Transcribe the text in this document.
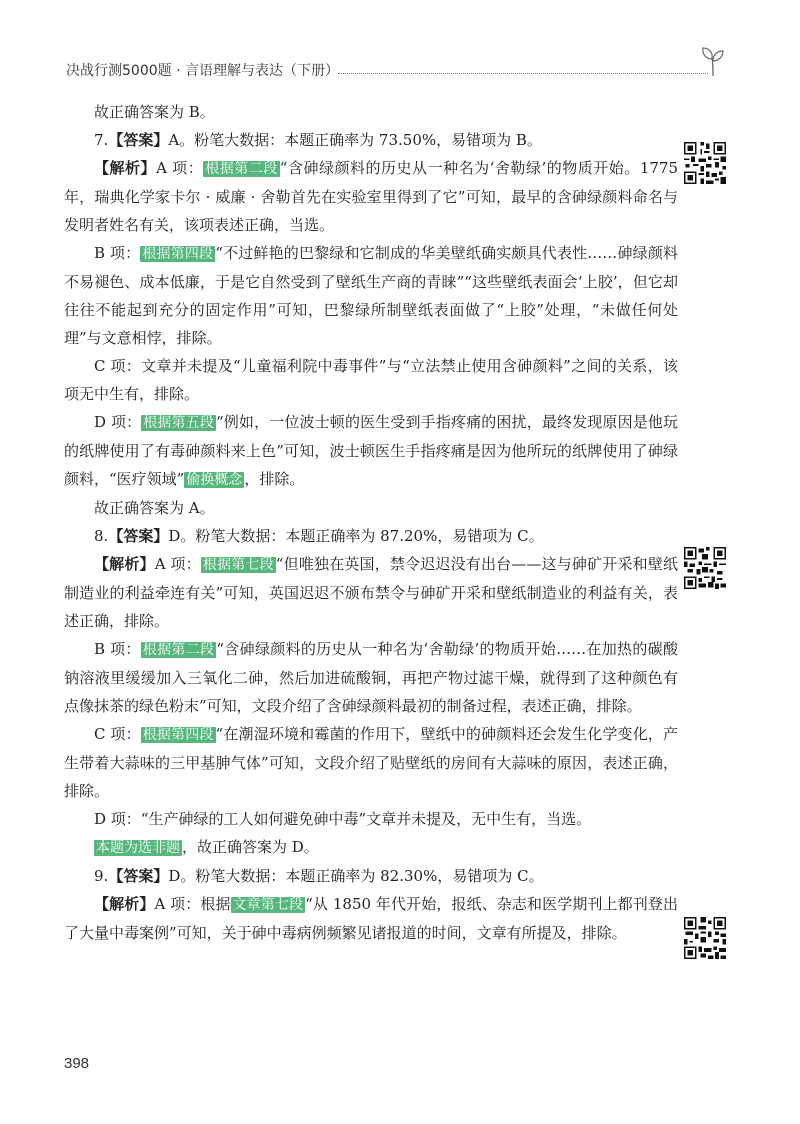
决战行测5000题 · 言语理解与表达（下册）

故正确答案为 B。

7.【答案】A。粉笔大数据：本题正确率为 73.50%，易错项为 B。

【解析】A 项： 根据第二段 “含砷绿颜料的历史从一种名为‘舍勒绿’的物质开始。1775 年，瑞典化学家卡尔 · 威廉 · 舍勒首先在实验室里得到了它”可知，最早的含砷绿颜料命名与发明者姓名有关，该项表述正确，当选。

B 项： 根据第四段 “不过鲜艳的巴黎绿和它制成的华美壁纸确实颇具代表性……砷绿颜料不易褪色、成本低廉，于是它自然受到了壁纸生产商的青睐”“这些壁纸表面会‘上胶’，但它却往往不能起到充分的固定作用”可知，巴黎绿所制壁纸表面做了“上胶”处理，“未做任何处理”与文意相悖，排除。

C 项：文章并未提及“儿童福利院中毒事件”与“立法禁止使用含砷颜料”之间的关系，该项无中生有，排除。

D 项： 根据第五段 “例如，一位波士顿的医生受到手指疼痛的困扰，最终发现原因是他玩的纸牌使用了有毒砷颜料来上色”可知，波士顿医生手指疼痛是因为他所玩的纸牌使用了砷绿颜料，“医疗领域” 偷换概念 ，排除。

故正确答案为 A。

8.【答案】D。粉笔大数据：本题正确率为 87.20%，易错项为 C。

【解析】A 项： 根据第七段 “但唯独在英国，禁令迟迟没有出台——这与砷矿开采和壁纸制造业的利益牵连有关”可知，英国迟迟不颁布禁令与砷矿开采和壁纸制造业的利益有关，表述正确，排除。

B 项： 根据第二段 “含砷绿颜料的历史从一种名为‘舍勒绿’的物质开始……在加热的碳酸钠溶液里缓缓加入三氧化二砷，然后加进硫酸铜，再把产物过滤干燥，就得到了这种颜色有点像抹茶的绿色粉末”可知，文段介绍了含砷绿颜料最初的制备过程，表述正确，排除。

C 项： 根据第四段 “在潮湿环境和霉菌的作用下，壁纸中的砷颜料还会发生化学变化，产生带着大蒜味的三甲基胂气体”可知，文段介绍了贴壁纸的房间有大蒜味的原因，表述正确，排除。

D 项：“生产砷绿的工人如何避免砷中毒”文章并未提及，无中生有，当选。

本题为选非题 ，故正确答案为 D。

9.【答案】D。粉笔大数据：本题正确率为 82.30%，易错项为 C。

【解析】A 项：根据 文章第七段 “从 1850 年代开始，报纸、杂志和医学期刊上都刊登出了大量中毒案例”可知，关于砷中毒病例频繁见诸报道的时间，文章有所提及，排除。

398
